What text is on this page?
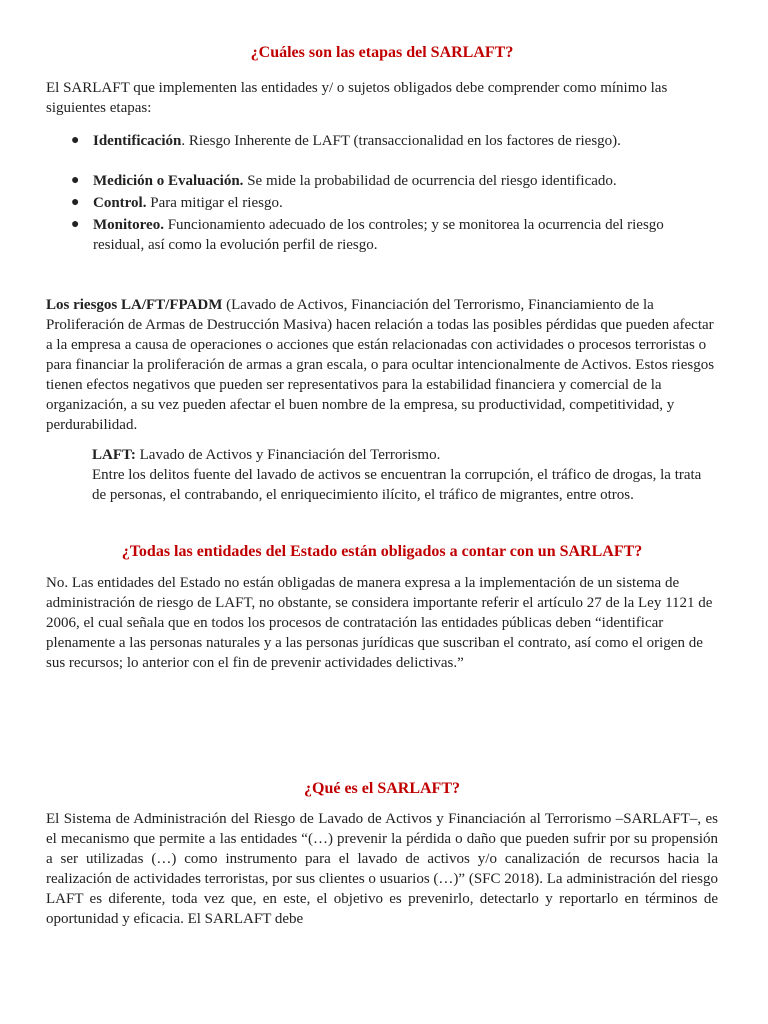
¿Cuáles son las etapas del SARLAFT?

El SARLAFT que implementen las entidades y/ o sujetos obligados debe comprender como mínimo las siguientes etapas:

● Identificación. Riesgo Inherente de LAFT (transaccionalidad en los factores de riesgo).
● Medición o Evaluación. Se mide la probabilidad de ocurrencia del riesgo identificado.
● Control. Para mitigar el riesgo.
● Monitoreo. Funcionamiento adecuado de los controles; y se monitorea la ocurrencia del riesgo residual, así como la evolución perfil de riesgo.

Los riesgos LA/FT/FPADM (Lavado de Activos, Financiación del Terrorismo, Financiamiento de la Proliferación de Armas de Destrucción Masiva) hacen relación a todas las posibles pérdidas que pueden afectar a la empresa a causa de operaciones o acciones que están relacionadas con actividades o procesos terroristas o para financiar la proliferación de armas a gran escala, o para ocultar intencionalmente de Activos. Estos riesgos tienen efectos negativos que pueden ser representativos para la estabilidad financiera y comercial de la organización, a su vez pueden afectar el buen nombre de la empresa, su productividad, competitividad, y perdurabilidad.

LAFT: Lavado de Activos y Financiación del Terrorismo.

Entre los delitos fuente del lavado de activos se encuentran la corrupción, el tráfico de drogas, la trata de personas, el contrabando, el enriquecimiento ilícito, el tráfico de migrantes, entre otros.

¿Todas las entidades del Estado están obligados a contar con un SARLAFT?

No. Las entidades del Estado no están obligadas de manera expresa a la implementación de un sistema de administración de riesgo de LAFT, no obstante, se considera importante referir el artículo 27 de la Ley 1121 de 2006, el cual señala que en todos los procesos de contratación las entidades públicas deben “identificar plenamente a las personas naturales y a las personas jurídicas que suscriban el contrato, así como el origen de sus recursos; lo anterior con el fin de prevenir actividades delictivas.”

¿Qué es el SARLAFT?

El Sistema de Administración del Riesgo de Lavado de Activos y Financiación al Terrorismo –SARLAFT–, es el mecanismo que permite a las entidades “(…) prevenir la pérdida o daño que pueden sufrir por su propensión a ser utilizadas (…) como instrumento para el lavado de activos y/o canalización de recursos hacia la realización de actividades terroristas, por sus clientes o usuarios (…)” (SFC 2018). La administración del riesgo LAFT es diferente, toda vez que, en este, el objetivo es prevenirlo, detectarlo y reportarlo en términos de oportunidad y eficacia. El SARLAFT debe
